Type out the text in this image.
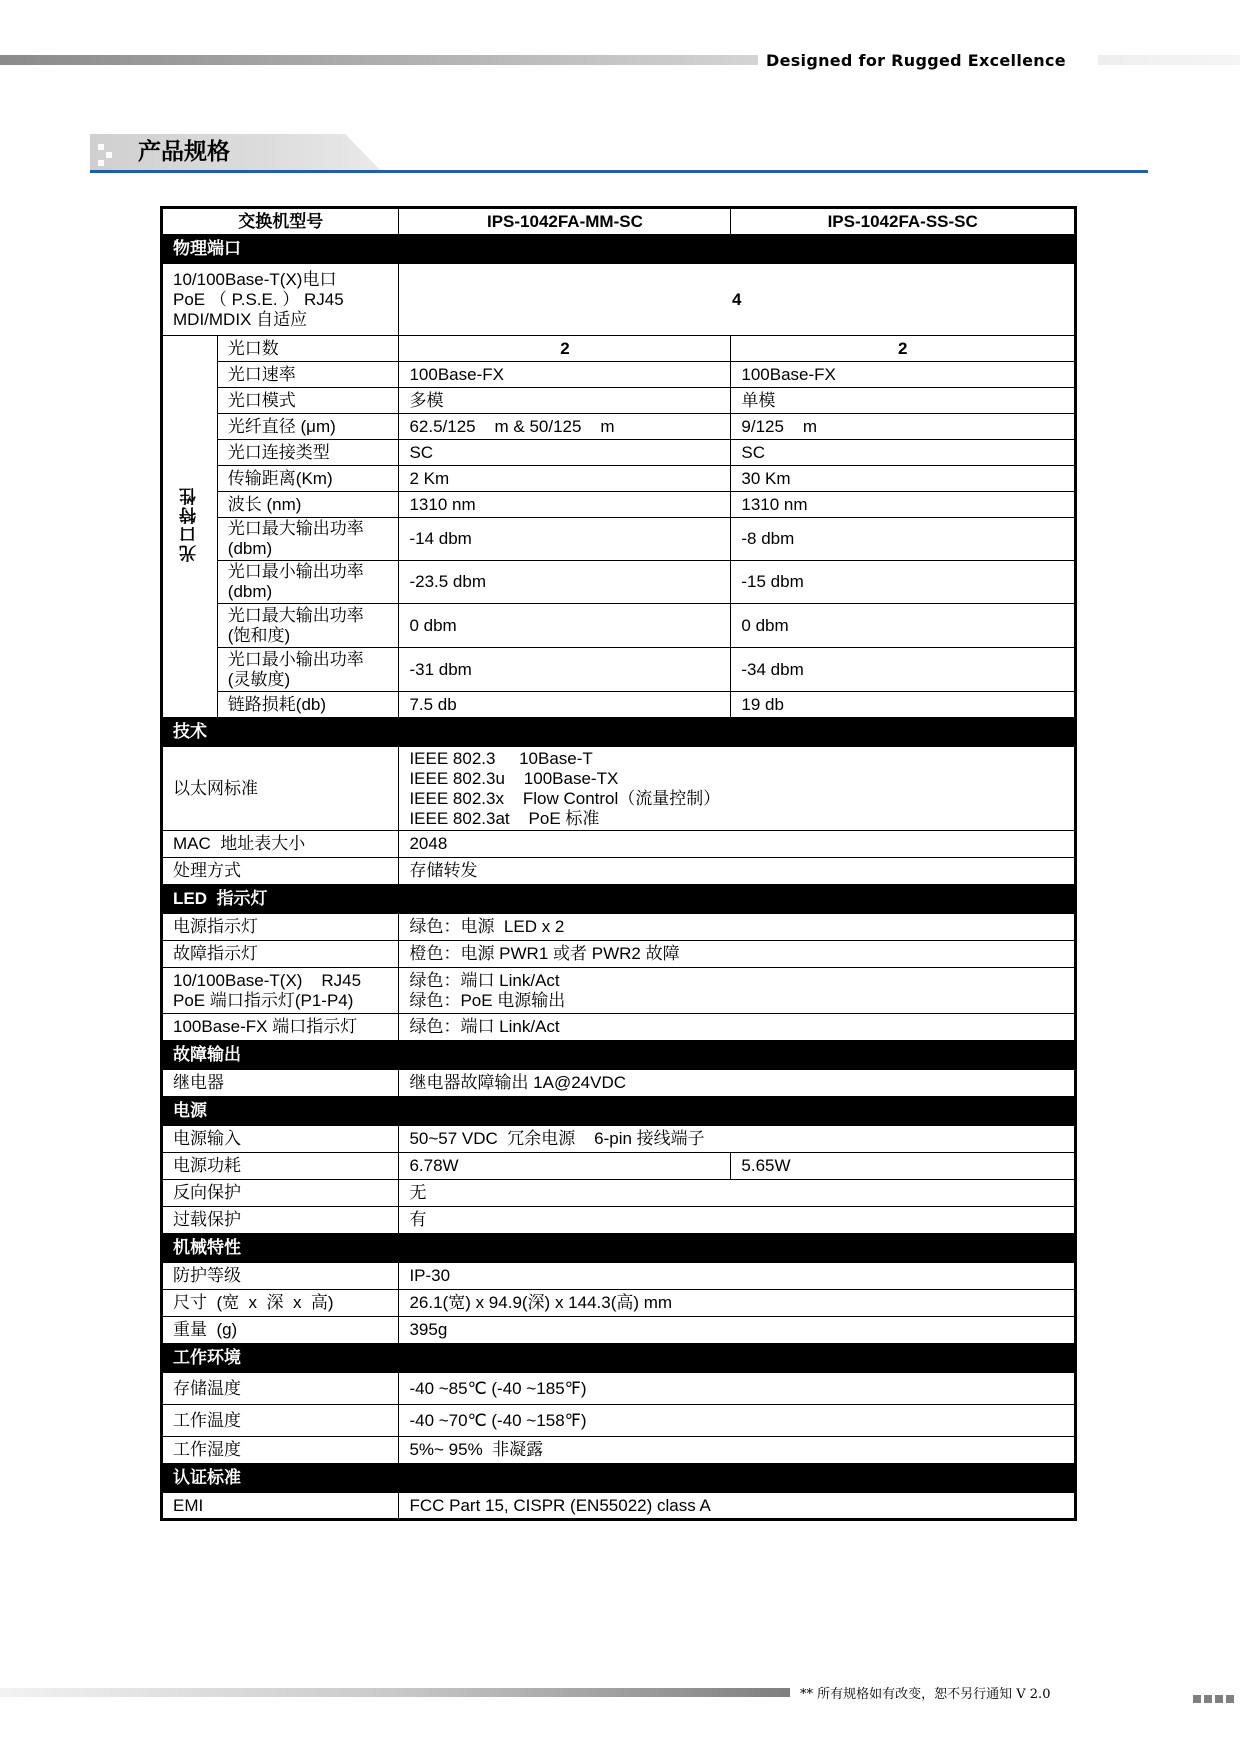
Designed for Rugged Excellence
产品规格
交换机型号		IPS-1042FA-MM-SC	IPS-1042FA-SS-SC
物理端口			
10/100Base-T(X)电口
PoE （ P.S.E. ） RJ45
MDI/MDIX 自适应		4	
光口特性	光口数	2	2
	光口速率	100Base-FX	100Base-FX
	光口模式	多模	单模
	光纤直径 (μm)	62.5/125    m & 50/125    m	9/125    m
	光口连接类型	SC	SC
	传输距离(Km)	2 Km	30 Km
	波长 (nm)	1310 nm	1310 nm
	光口最大输出功率
(dbm)	-14 dbm	-8 dbm
	光口最小输出功率
(dbm)	-23.5 dbm	-15 dbm
	光口最大输出功率
(饱和度)	0 dbm	0 dbm
	光口最小输出功率
(灵敏度)	-31 dbm	-34 dbm
	链路损耗(db)	7.5 db	19 db
技术			
以太网标准		IEEE 802.3     10Base-T
IEEE 802.3u    100Base-TX
IEEE 802.3x    Flow Control（流量控制）
IEEE 802.3at    PoE 标准	
MAC  地址表大小		2048	
处理方式		存储转发	
LED  指示灯			
电源指示灯		绿色：电源  LED x 2	
故障指示灯		橙色：电源 PWR1 或者 PWR2 故障	
10/100Base-T(X)    RJ45
PoE 端口指示灯(P1-P4)		绿色：端口 Link/Act
绿色：PoE 电源输出	
100Base-FX 端口指示灯		绿色：端口 Link/Act	
故障输出			
继电器		继电器故障输出 1A@24VDC	
电源			
电源输入		50~57 VDC  冗余电源    6-pin 接线端子	
电源功耗		6.78W	5.65W
反向保护		无	
过载保护		有	
机械特性			
防护等级		IP-30	
尺寸  (宽  x  深  x  高)		26.1(宽) x 94.9(深) x 144.3(高) mm	
重量  (g)		395g	
工作环境			
存储温度		-40 ~85℃ (-40 ~185℉)	
工作温度		-40 ~70℃ (-40 ~158℉)	
工作湿度		5%~ 95%  非凝露	
认证标准			
EMI		FCC Part 15, CISPR (EN55022) class A	
** 所有规格如有改变，恕不另行通知 V 2.0
